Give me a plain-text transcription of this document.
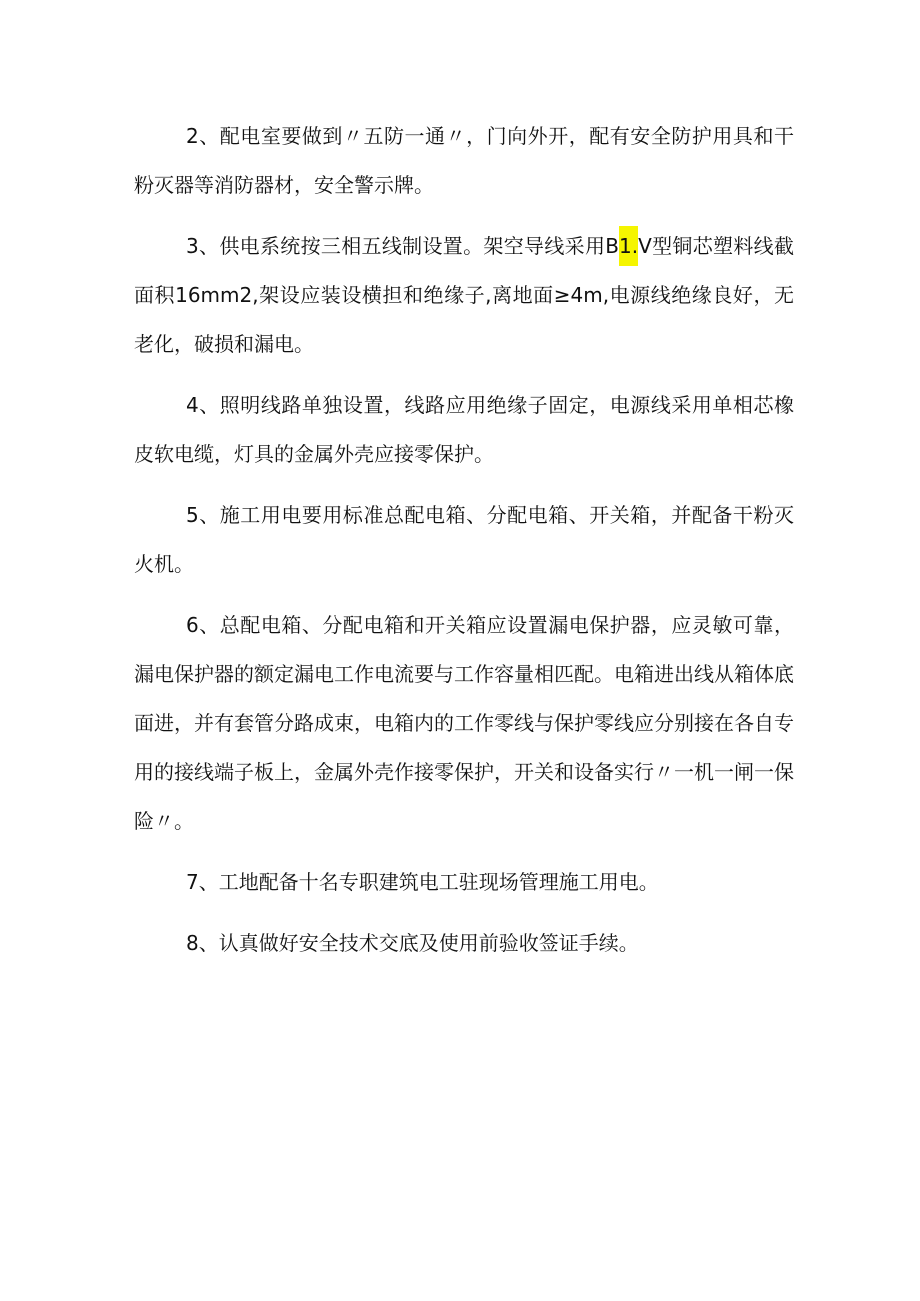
2、配电室要做到〃五防一通〃，门向外开，配有安全防护用具和干粉灭器等消防器材，安全警示牌。

3、供电系统按三相五线制设置。架空导线采用B1.V型铜芯塑料线截面积16mm2,架设应装设横担和绝缘子,离地面≥4m,电源线绝缘良好，无老化，破损和漏电。

4、照明线路单独设置，线路应用绝缘子固定，电源线采用单相芯橡皮软电缆，灯具的金属外壳应接零保护。

5、施工用电要用标准总配电箱、分配电箱、开关箱，并配备干粉灭火机。

6、总配电箱、分配电箱和开关箱应设置漏电保护器，应灵敏可靠，漏电保护器的额定漏电工作电流要与工作容量相匹配。电箱进出线从箱体底面进，并有套管分路成束，电箱内的工作零线与保护零线应分别接在各自专用的接线端子板上，金属外壳作接零保护，开关和设备实行〃一机一闸一保险〃。

7、工地配备十名专职建筑电工驻现场管理施工用电。

8、认真做好安全技术交底及使用前验收签证手续。
